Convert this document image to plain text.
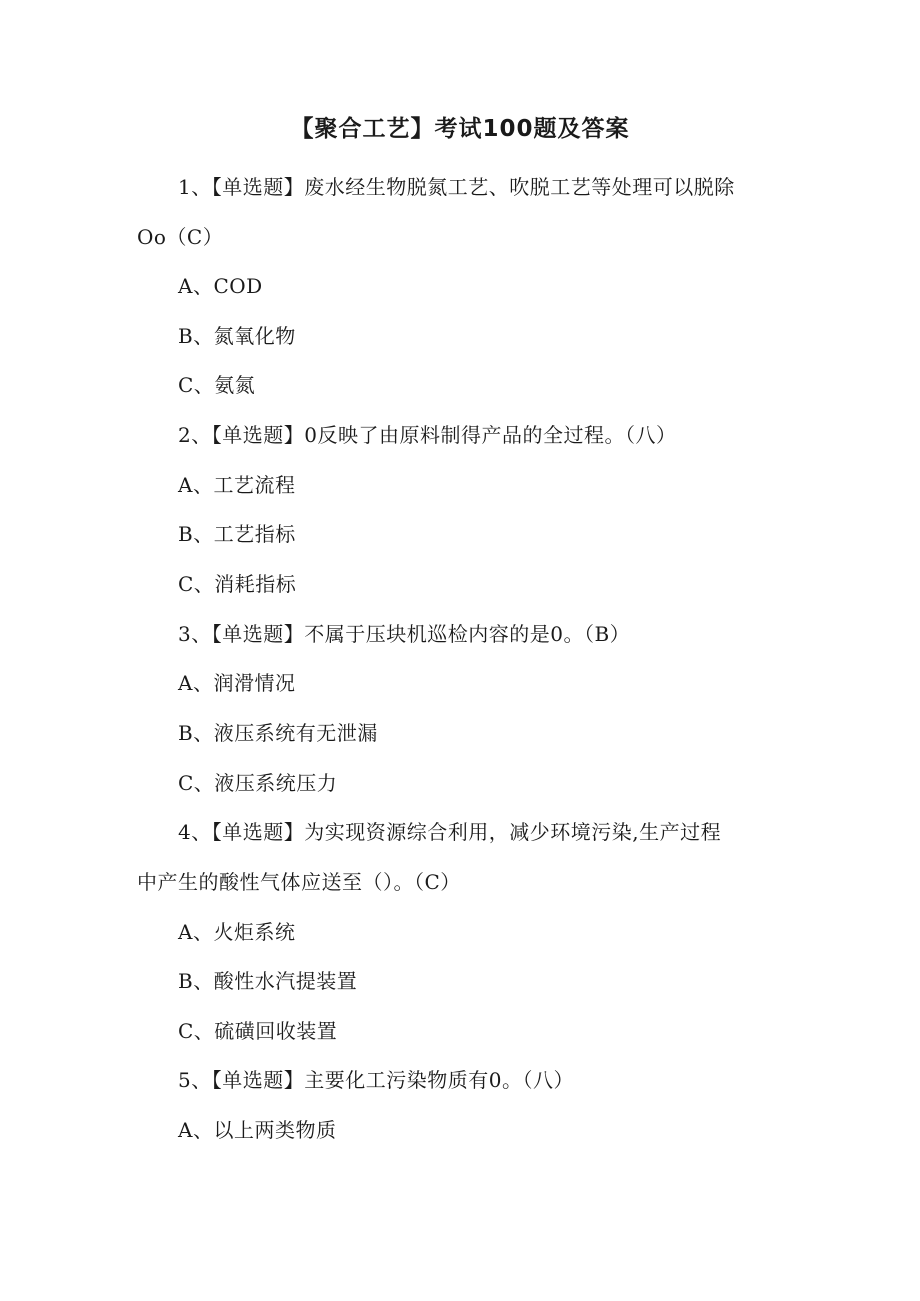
【聚合工艺】考试100题及答案
1、【单选题】废水经生物脱氮工艺、吹脱工艺等处理可以脱除
Oo（C）
A、COD
B、氮氧化物
C、氨氮
2、【单选题】0反映了由原料制得产品的全过程。（八）
A、工艺流程
B、工艺指标
C、消耗指标
3、【单选题】不属于压块机巡检内容的是0。（B）
A、润滑情况
B、液压系统有无泄漏
C、液压系统压力
4、【单选题】为实现资源综合利用，减少环境污染,生产过程
中产生的酸性气体应送至（）。（C）
A、火炬系统
B、酸性水汽提装置
C、硫磺回收装置
5、【单选题】主要化工污染物质有0。（八）
A、以上两类物质
